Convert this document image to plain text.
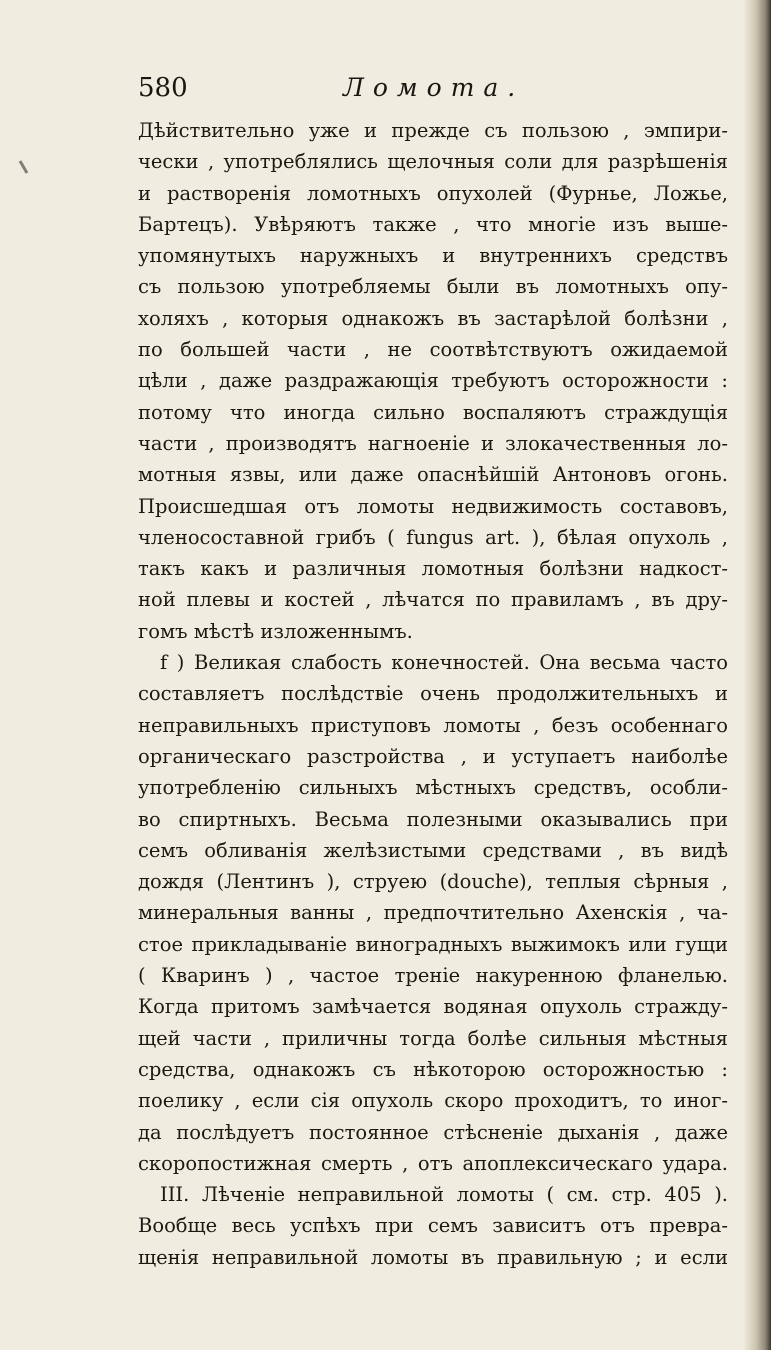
580	Ломота.
Дѣйствительно уже и прежде съ пользою , эмпири-
чески , употреблялись щелочныя соли для разрѣшенія
и растворенія ломотныхъ опухолей (Фурнье, Ложье,
Бартецъ). Увѣряютъ также , что многіе изъ выше-
упомянутыхъ наружныхъ и внутреннихъ средствъ
съ пользою употребляемы были въ ломотныхъ опу-
холяхъ , которыя однакожъ въ застарѣлой болѣзни ,
по большей части , не соотвѣтствуютъ ожидаемой
цѣли , даже раздражающія требуютъ осторожности :
потому что иногда сильно воспаляютъ страждущія
части , производятъ нагноеніе и злокачественныя ло-
мотныя язвы, или даже опаснѣйшій Антоновъ огонь.
Происшедшая отъ ломоты недвижимость составовъ,
членосоставной грибъ ( fungus art. ), бѣлая опухоль ,
такъ какъ и различныя ломотныя болѣзни надкост-
ной плевы и костей , лѣчатся по правиламъ , въ дру-
гомъ мѣстѣ изложеннымъ.
f ) Великая слабость конечностей. Она весьма часто
составляетъ послѣдствіе очень продолжительныхъ и
неправильныхъ приступовъ ломоты , безъ особеннаго
органическаго разстройства , и уступаетъ наиболѣе
употребленію сильныхъ мѣстныхъ средствъ, особли-
во спиртныхъ. Весьма полезными оказывались при
семъ обливанія желѣзистыми средствами , въ видѣ
дождя (Лентинъ ), струею (douche), теплыя сѣрныя ,
минеральныя ванны , предпочтительно Ахенскія , ча-
стое прикладываніе виноградныхъ выжимокъ или гущи
( Кваринъ ) , частое треніе накуренною фланелью.
Когда притомъ замѣчается водяная опухоль стражду-
щей части , приличны тогда болѣе сильныя мѣстныя
средства, однакожъ съ нѣкоторою осторожностью :
поелику , если сія опухоль скоро проходитъ, то иног-
да послѣдуетъ постоянное стѣсненіе дыханія , даже
скоропостижная смерть , отъ апоплексическаго удара.
III. Лѣченіе неправильной ломоты ( см. стр. 405 ).
Вообще весь успѣхъ при семъ зависитъ отъ превра-
щенія неправильной ломоты въ правильную ; и если
